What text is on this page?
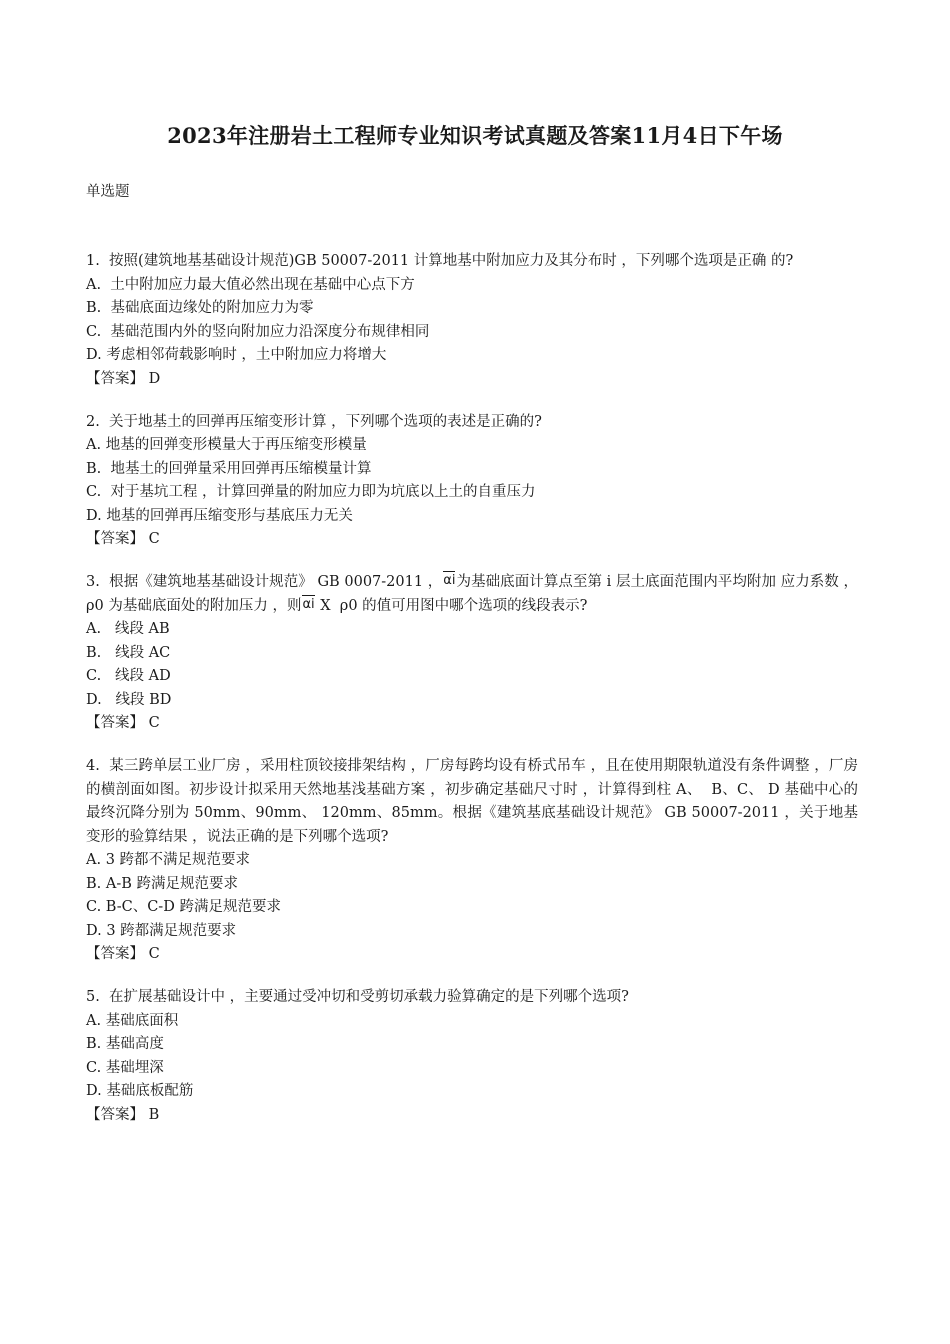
2023年注册岩土工程师专业知识考试真题及答案11月4日下午场
单选题
1.  按照(建筑地基基础设计规范)GB 50007-2011 计算地基中附加应力及其分布时 ，下列哪个选项是正确 的?
A.  土中附加应力最大值必然出现在基础中心点下方
B.  基础底面边缘处的附加应力为零
C.  基础范围内外的竖向附加应力沿深度分布规律相同
D. 考虑相邻荷载影响时 ，土中附加应力将增大
【答案】 D
2.  关于地基土的回弹再压缩变形计算 ，下列哪个选项的表述是正确的?
A. 地基的回弹变形模量大于再压缩变形模量
B.  地基土的回弹量采用回弹再压缩模量计算
C.  对于基坑工程 ，计算回弹量的附加应力即为坑底以上土的自重压力
D. 地基的回弹再压缩变形与基底压力无关
【答案】 C
3.  根据《建筑地基基础设计规范》 GB 0007-2011 ，
αi为基础底面计算点至第 i 层土底面范围内平均附加 应力系数 ，  ρ0 为基础底面处的附加压力 ，则
αi X  ρ0 的值可用图中哪个选项的线段表示?
A.   线段 AB
B.   线段 AC
C.   线段 AD
D.   线段 BD
【答案】 C
4.  某三跨单层工业厂房 ，采用柱顶铰接排架结构 ，厂房每跨均设有桥式吊车 ，且在使用期限轨道没有条件调整 ，厂房的横剖面如图。初步设计拟采用天然地基浅基础方案 ，初步确定基础尺寸时 ，计算得到柱 A、  B、C、 D 基础中心的最终沉降分别为 50mm、90mm、 120mm、85mm。根据《建筑基底基础设计规范》 GB 50007-2011 ，关于地基变形的验算结果 ，说法正确的是下列哪个选项?
A. 3 跨都不满足规范要求
B. A-B 跨满足规范要求
C. B-C、C-D 跨满足规范要求
D. 3 跨都满足规范要求
【答案】 C
5.  在扩展基础设计中 ，主要通过受冲切和受剪切承载力验算确定的是下列哪个选项?
A. 基础底面积
B. 基础高度
C. 基础埋深
D. 基础底板配筋
【答案】 B
